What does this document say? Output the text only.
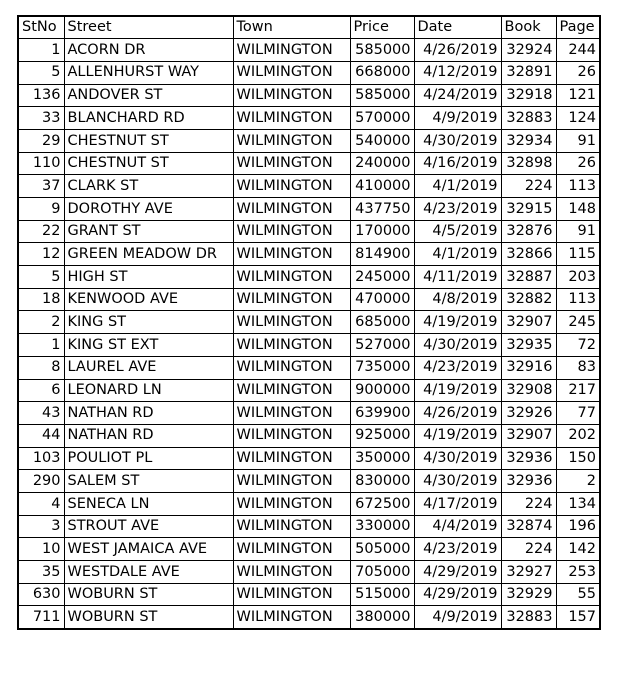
StNo	Street	Town	Price	Date	Book	Page
1	ACORN DR	WILMINGTON	585000	4/26/2019	32924	244
5	ALLENHURST WAY	WILMINGTON	668000	4/12/2019	32891	26
136	ANDOVER ST	WILMINGTON	585000	4/24/2019	32918	121
33	BLANCHARD RD	WILMINGTON	570000	4/9/2019	32883	124
29	CHESTNUT ST	WILMINGTON	540000	4/30/2019	32934	91
110	CHESTNUT ST	WILMINGTON	240000	4/16/2019	32898	26
37	CLARK ST	WILMINGTON	410000	4/1/2019	224	113
9	DOROTHY AVE	WILMINGTON	437750	4/23/2019	32915	148
22	GRANT ST	WILMINGTON	170000	4/5/2019	32876	91
12	GREEN MEADOW DR	WILMINGTON	814900	4/1/2019	32866	115
5	HIGH ST	WILMINGTON	245000	4/11/2019	32887	203
18	KENWOOD AVE	WILMINGTON	470000	4/8/2019	32882	113
2	KING ST	WILMINGTON	685000	4/19/2019	32907	245
1	KING ST EXT	WILMINGTON	527000	4/30/2019	32935	72
8	LAUREL AVE	WILMINGTON	735000	4/23/2019	32916	83
6	LEONARD LN	WILMINGTON	900000	4/19/2019	32908	217
43	NATHAN RD	WILMINGTON	639900	4/26/2019	32926	77
44	NATHAN RD	WILMINGTON	925000	4/19/2019	32907	202
103	POULIOT PL	WILMINGTON	350000	4/30/2019	32936	150
290	SALEM ST	WILMINGTON	830000	4/30/2019	32936	2
4	SENECA LN	WILMINGTON	672500	4/17/2019	224	134
3	STROUT AVE	WILMINGTON	330000	4/4/2019	32874	196
10	WEST JAMAICA AVE	WILMINGTON	505000	4/23/2019	224	142
35	WESTDALE AVE	WILMINGTON	705000	4/29/2019	32927	253
630	WOBURN ST	WILMINGTON	515000	4/29/2019	32929	55
711	WOBURN ST	WILMINGTON	380000	4/9/2019	32883	157
